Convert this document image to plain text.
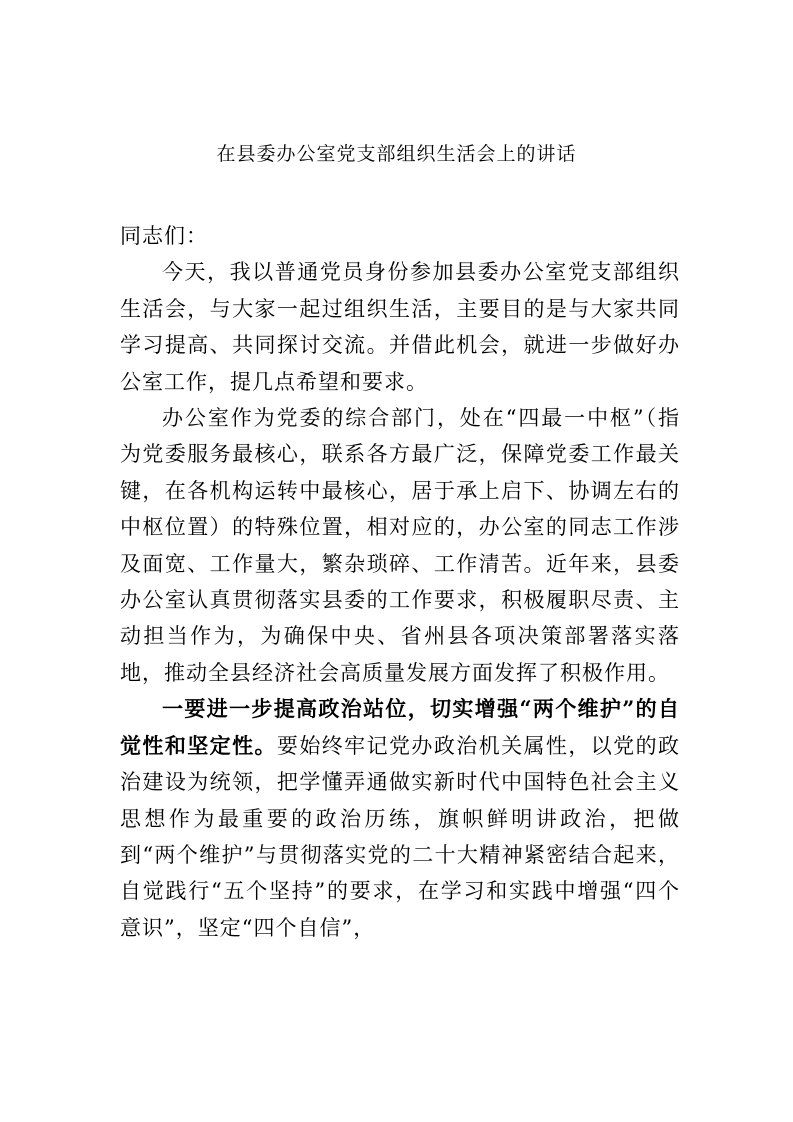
在县委办公室党支部组织生活会上的讲话

同志们：

今天，我以普通党员身份参加县委办公室党支部组织生活会，与大家一起过组织生活，主要目的是与大家共同学习提高、共同探讨交流。并借此机会，就进一步做好办公室工作，提几点希望和要求。

办公室作为党委的综合部门，处在“四最一中枢”（指为党委服务最核心，联系各方最广泛，保障党委工作最关键，在各机构运转中最核心，居于承上启下、协调左右的中枢位置）的特殊位置，相对应的，办公室的同志工作涉及面宽、工作量大，繁杂琐碎、工作清苦。近年来，县委办公室认真贯彻落实县委的工作要求，积极履职尽责、主动担当作为，为确保中央、省州县各项决策部署落实落地，推动全县经济社会高质量发展方面发挥了积极作用。

一要进一步提高政治站位，切实增强“两个维护”的自觉性和坚定性。要始终牢记党办政治机关属性，以党的政治建设为统领，把学懂弄通做实新时代中国特色社会主义思想作为最重要的政治历练，旗帜鲜明讲政治，把做到“两个维护”与贯彻落实党的二十大精神紧密结合起来，自觉践行“五个坚持”的要求，在学习和实践中增强“四个意识”，坚定“四个自信”，
